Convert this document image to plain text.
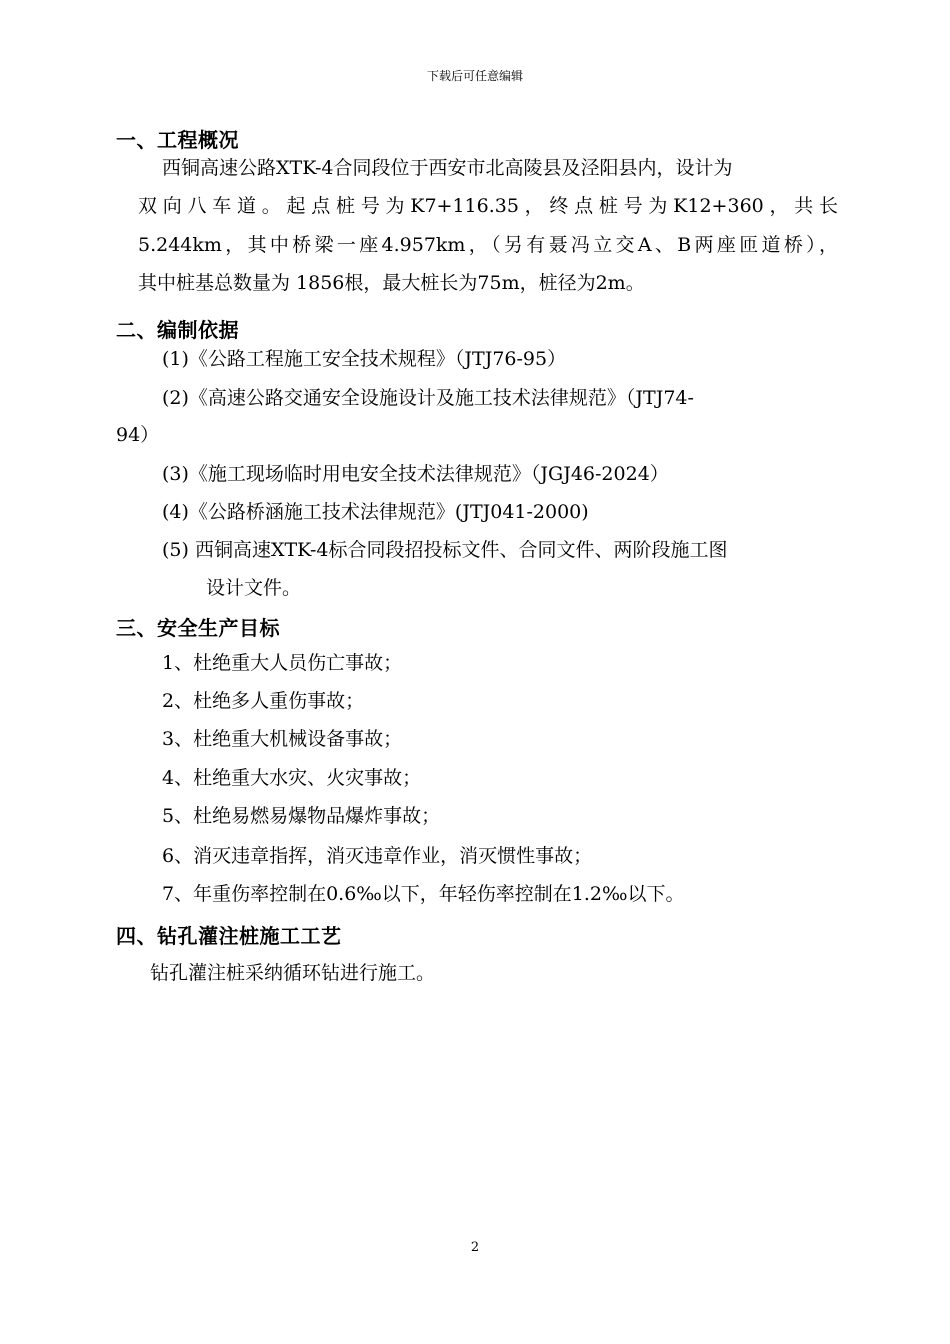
下载后可任意编辑
一、工程概况
西铜高速公路XTK-4合同段位于西安市北高陵县及泾阳县内，设计为
双向八车道。起点桩号为K7+116.35，终点桩号为K12+360，共长
5.244km，其中桥梁一座4.957km，（另有聂冯立交A、B两座匝道桥），
其中桩基总数量为 1856根，最大桩长为75m，桩径为2m。
二、编制依据
(1)《公路工程施工安全技术规程》（JTJ76-95）
(2)《高速公路交通安全设施设计及施工技术法律规范》（JTJ74-
94）
(3)《施工现场临时用电安全技术法律规范》（JGJ46-2024）
(4)《公路桥涵施工技术法律规范》(JTJ041-2000)
(5) 西铜高速XTK-4标合同段招投标文件、合同文件、两阶段施工图
设计文件。
三、安全生产目标
1、杜绝重大人员伤亡事故；
2、杜绝多人重伤事故；
3、杜绝重大机械设备事故；
4、杜绝重大水灾、火灾事故；
5、杜绝易燃易爆物品爆炸事故；
6、消灭违章指挥，消灭违章作业，消灭惯性事故；
7、年重伤率控制在0.6‰以下，年轻伤率控制在1.2‰以下。
四、钻孔灌注桩施工工艺
钻孔灌注桩采纳循环钻进行施工。
2
